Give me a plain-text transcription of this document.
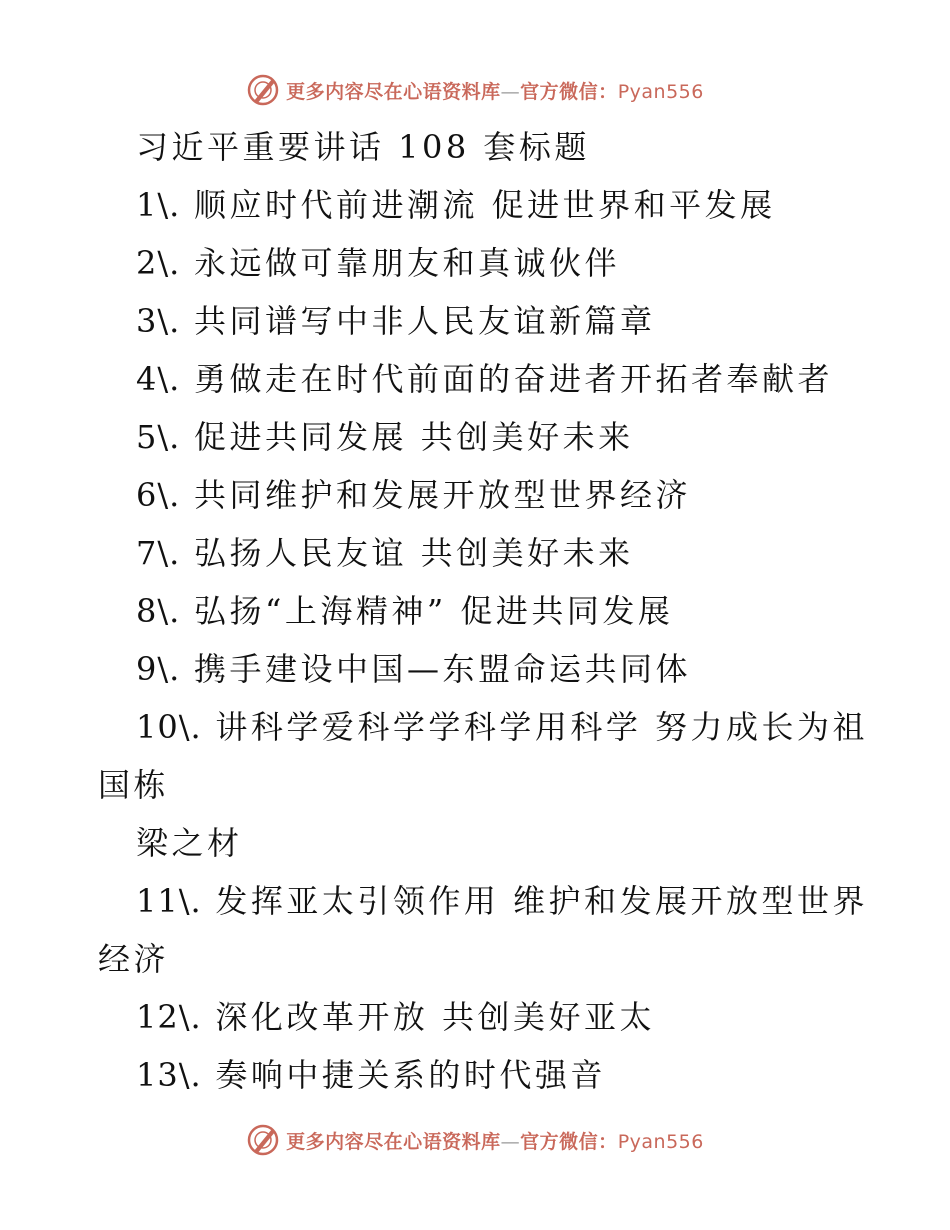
更多内容尽在心语资料库—官方微信：Pyan556
习近平重要讲话 108 套标题
1\. 顺应时代前进潮流 促进世界和平发展
2\. 永远做可靠朋友和真诚伙伴
3\. 共同谱写中非人民友谊新篇章
4\. 勇做走在时代前面的奋进者开拓者奉献者
5\. 促进共同发展 共创美好未来
6\. 共同维护和发展开放型世界经济
7\. 弘扬人民友谊 共创美好未来
8\. 弘扬“上海精神” 促进共同发展
9\. 携手建设中国—东盟命运共同体
10\. 讲科学爱科学学科学用科学 努力成长为祖
国栋
梁之材
11\. 发挥亚太引领作用 维护和发展开放型世界
经济
12\. 深化改革开放 共创美好亚太
13\. 奏响中捷关系的时代强音
更多内容尽在心语资料库—官方微信：Pyan556
